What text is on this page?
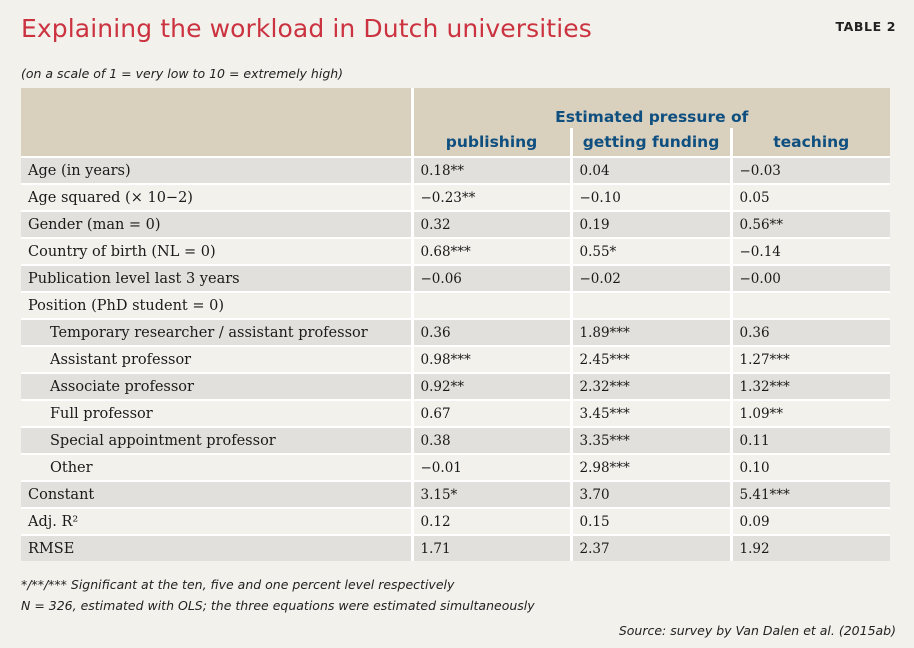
Explaining the workload in Dutch universities	TABLE 2
(on a scale of 1 = very low to 10 = extremely high)
	Estimated pressure of		
	publishing	getting funding	teaching
Age (in years)	0.18**	0.04	−0.03
Age squared (× 10−2)	−0.23**	−0.10	0.05
Gender (man = 0)	0.32	0.19	0.56**
Country of birth (NL = 0)	0.68***	0.55*	−0.14
Publication level last 3 years	−0.06	−0.02	−0.00
Position (PhD student = 0)			
Temporary researcher / assistant professor	0.36	1.89***	0.36
Assistant professor	0.98***	2.45***	1.27***
Associate professor	0.92**	2.32***	1.32***
Full professor	0.67	3.45***	1.09**
Special appointment professor	0.38	3.35***	0.11
Other	−0.01	2.98***	0.10
Constant	3.15*	3.70	5.41***
Adj. R²	0.12	0.15	0.09
RMSE	1.71	2.37	1.92
*/**/*** Significant at the ten, five and one percent level respectively
N = 326, estimated with OLS; the three equations were estimated simultaneously
Source: survey by Van Dalen et al. (2015ab)
